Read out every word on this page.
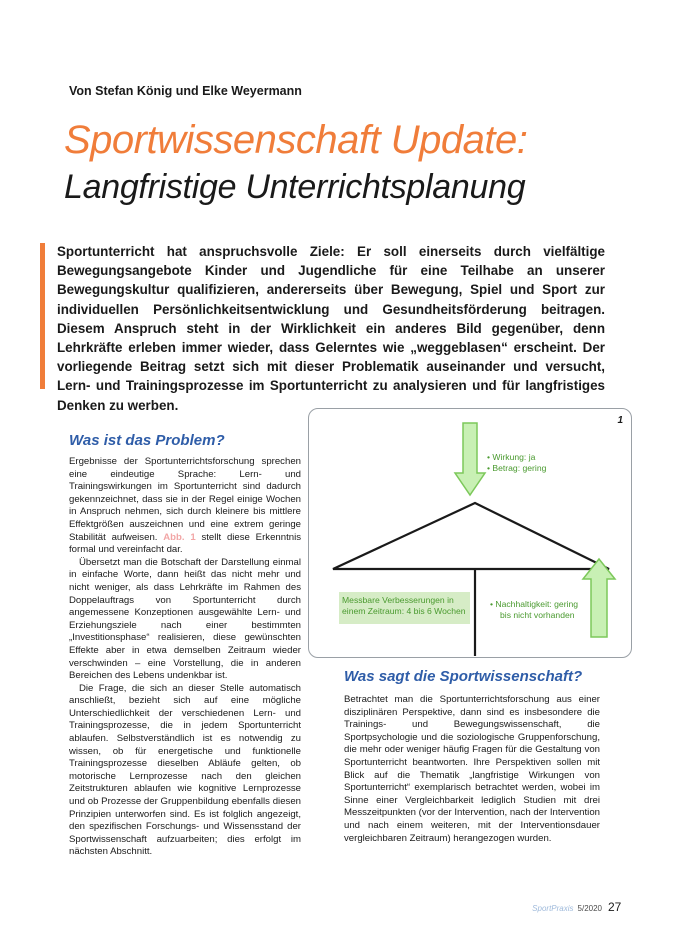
Von Stefan König und Elke Weyermann
Sportwissenschaft Update:
Langfristige Unterrichtsplanung
Sportunterricht hat anspruchsvolle Ziele: Er soll einerseits durch vielfältige Bewegungsangebote Kinder und Jugendliche für eine Teilhabe an unserer Bewegungskultur qualifizieren, andererseits über Bewegung, Spiel und Sport zur individuellen Persönlichkeitsentwicklung und Gesundheitsförderung beitragen. Diesem Anspruch steht in der Wirklichkeit ein anderes Bild gegenüber, denn Lehrkräfte erleben immer wieder, dass Gelerntes wie „weggeblasen“ erscheint. Der vorliegende Beitrag setzt sich mit dieser Problematik auseinander und versucht, Lern- und Trainingsprozesse im Sportunterricht zu analysieren und für langfristiges Denken zu werben.
Was ist das Problem?

Ergebnisse der Sportunterrichtsforschung sprechen eine eindeutige Sprache: Lern- und Trainingswirkungen im Sportunterricht sind dadurch gekennzeichnet, dass sie in der Regel einige Wochen in Anspruch nehmen, sich durch kleinere bis mittlere Effektgrößen auszeichnen und eine extrem geringe Stabilität aufweisen. Abb. 1 stellt diese Erkenntnis formal und vereinfacht dar.

Übersetzt man die Botschaft der Darstellung einmal in einfache Worte, dann heißt das nicht mehr und nicht weniger, als dass Lehrkräfte im Rahmen des Doppelauftrags von Sportunterricht durch angemessene Konzeptionen ausgewählte Lern- und Erziehungsziele nach einer bestimmten „Investitionsphase“ realisieren, diese gewünschten Effekte aber in etwa demselben Zeitraum wieder verschwinden – eine Vorstellung, die in anderen Bereichen des Lebens undenkbar ist.

Die Frage, die sich an dieser Stelle automatisch anschließt, bezieht sich auf eine mögliche Unterschiedlichkeit der verschiedenen Lern- und Trainingsprozesse, die in jedem Sportunterricht ablaufen. Selbstverständlich ist es notwendig zu wissen, ob für energetische und funktionelle Trainingsprozesse dieselben Abläufe gelten, ob motorische Lernprozesse nach den gleichen Zeitstrukturen ablaufen wie kognitive Lernprozesse und ob Prozesse der Gruppenbildung ebenfalls diesen Prinzipien unterworfen sind. Es ist folglich angezeigt, den spezifischen Forschungs- und Wissensstand der Sportwissenschaft aufzuarbeiten; dies erfolgt im nächsten Abschnitt.

1
• Wirkung: ja
• Betrag: gering
Messbare Verbesserungen in
einem Zeitraum: 4 bis 6 Wochen
• Nachhaltigkeit: gering
bis nicht vorhanden
Was sagt die Sportwissenschaft?

Betrachtet man die Sportunterrichtsforschung aus einer disziplinären Perspektive, dann sind es insbesondere die Trainings- und Bewegungswissenschaft, die Sportpsychologie und die soziologische Gruppenforschung, die mehr oder weniger häufig Fragen für die Gestaltung von Sportunterricht beantworten. Ihre Perspektiven sollen mit Blick auf die Thematik „langfristige Wirkungen von Sportunterricht“ exemplarisch betrachtet werden, wobei im Sinne einer Vergleichbarkeit lediglich Studien mit drei Messzeitpunkten (vor der Intervention, nach der Intervention und nach einem weiteren, mit der Interventionsdauer vergleichbaren Zeitraum) herangezogen wurden.

SportPraxis 5/2020 27
